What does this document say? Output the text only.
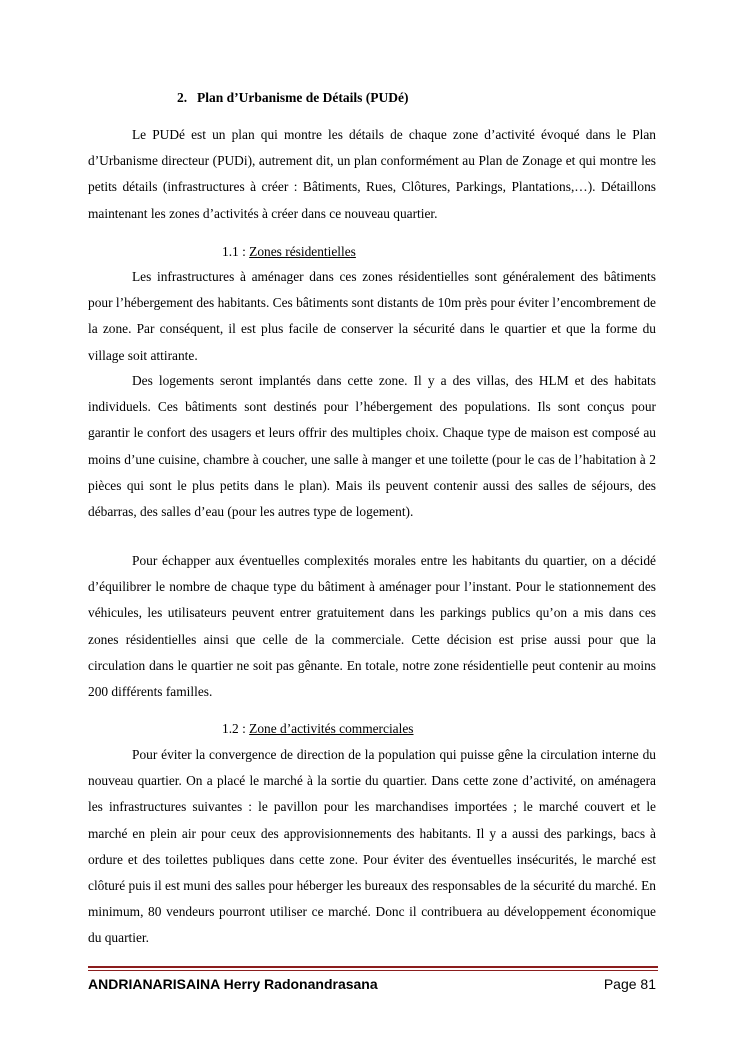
2. Plan d’Urbanisme de Détails (PUDé)

Le PUDé est un plan qui montre les détails de chaque zone d’activité évoqué dans le Plan d’Urbanisme directeur (PUDi), autrement dit, un plan conformément au Plan de Zonage et qui montre les petits détails (infrastructures à créer : Bâtiments, Rues, Clôtures, Parkings, Plantations,…). Détaillons maintenant les zones d’activités à créer dans ce nouveau quartier.

1.1 : Zones résidentielles

Les infrastructures à aménager dans ces zones résidentielles sont généralement des bâtiments pour l’hébergement des habitants. Ces bâtiments sont distants de 10m près pour éviter l’encombrement de la zone. Par conséquent, il est plus facile de conserver la sécurité dans le quartier et que la forme du village soit attirante.

Des logements seront implantés dans cette zone. Il y a des villas, des HLM et des habitats individuels. Ces bâtiments sont destinés pour l’hébergement des populations. Ils sont conçus pour garantir le confort des usagers et leurs offrir des multiples choix. Chaque type de maison est composé au moins d’une cuisine, chambre à coucher, une salle à manger et une toilette (pour le cas de l’habitation à 2 pièces qui sont le plus petits dans le plan). Mais ils peuvent contenir aussi des salles de séjours, des débarras, des salles d’eau (pour les autres type de logement).

Pour échapper aux éventuelles complexités morales entre les habitants du quartier, on a décidé d’équilibrer le nombre de chaque type du bâtiment à aménager pour l’instant. Pour le stationnement des véhicules, les utilisateurs peuvent entrer gratuitement dans les parkings publics qu’on a mis dans ces zones résidentielles ainsi que celle de la commerciale. Cette décision est prise aussi pour que la circulation dans le quartier ne soit pas gênante. En totale, notre zone résidentielle peut contenir au moins 200 différents familles.

1.2 : Zone d’activités commerciales

Pour éviter la convergence de direction de la population qui puisse gêne la circulation interne du nouveau quartier. On a placé le marché à la sortie du quartier. Dans cette zone d’activité, on aménagera les infrastructures suivantes : le pavillon pour les marchandises importées ; le marché couvert et le marché en plein air pour ceux des approvisionnements des habitants. Il y a aussi des parkings, bacs à ordure et des toilettes publiques dans cette zone. Pour éviter des éventuelles insécurités, le marché est clôturé puis il est muni des salles pour héberger les bureaux des responsables de la sécurité du marché. En minimum, 80 vendeurs pourront utiliser ce marché. Donc il contribuera au développement économique du quartier.

ANDRIANARISAINA Herry Radonandrasana	Page 81
